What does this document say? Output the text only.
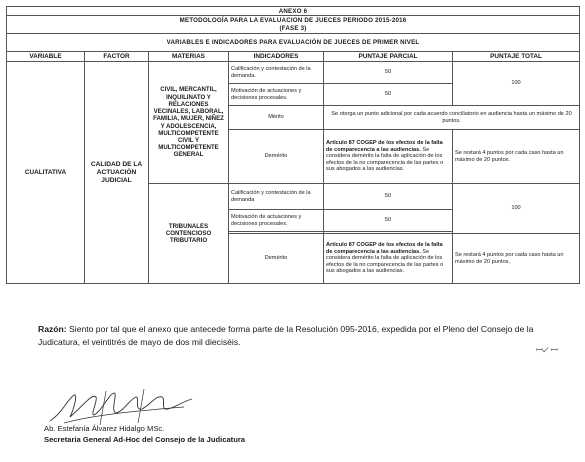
ANEXO 6					
METODOLOGÍA PARA LA EVALUACION DE JUECES PERIODO 2015-2016					
(FASE 3)					
VARIABLES E INDICADORES PARA EVALUACIÓN DE JUECES DE PRIMER NIVEL					
VARIABLE	FACTOR	MATERIAS	INDICADORES	PUNTAJE PARCIAL	PUNTAJE TOTAL
CUALITATIVA	CALIDAD DE LA ACTUACIÓN JUDICIAL	CIVIL, MERCANTIL, INQUILINATO Y RELACIONES VECINALES, LABORAL, FAMILIA, MUJER, NIÑEZ Y ADOLESCENCIA, MULTICOMPETENTE CIVIL Y MULTICOMPETENTE GENERAL	Calificación y contestación de la demanda.	50	100
			Motivación de actuaciones y decisiones procesales.	50	
			Mérito	Se otorga un punto adicional por cada acuerdo conciliatorio en audiencia hasta un máximo de 20 puntos.	
			Demérito	Artículo 87 COGEP de los efectos de la falta de comparecencia a las audiencias. Se considera demérito la falta de aplicación de los efectos de la no comparecencia de las partes o sus abogados a las audiencias.	Se restará 4 puntos por cada caso hasta un máximo de 20 puntos.
		TRIBUNALES CONTENCIOSO TRIBUTARIO	Calificación y contestación de la demanda	50	100

			Motivación de actuaciones y decisiones procesales.	50	

			Demérito	Artículo 87 COGEP de los efectos de la falta de comparecencia a las audiencias. Se considera demérito la falta de aplicación de los efectos de la no comparecencia de las partes o sus abogados a las audiencias.	Se restará 4 puntos por cada caso hasta un máximo de 20 puntos.
Razón: Siento por tal que el anexo que antecede forma parte de la Resolución 095-2016, expedida por el Pleno del Consejo de la Judicatura, el veintitrés de mayo de dos mil dieciséis.
ꟷ✓ ꟷ
Ab. Estefanía Álvarez Hidalgo MSc.
Secretaria General Ad-Hoc del Consejo de la Judicatura
